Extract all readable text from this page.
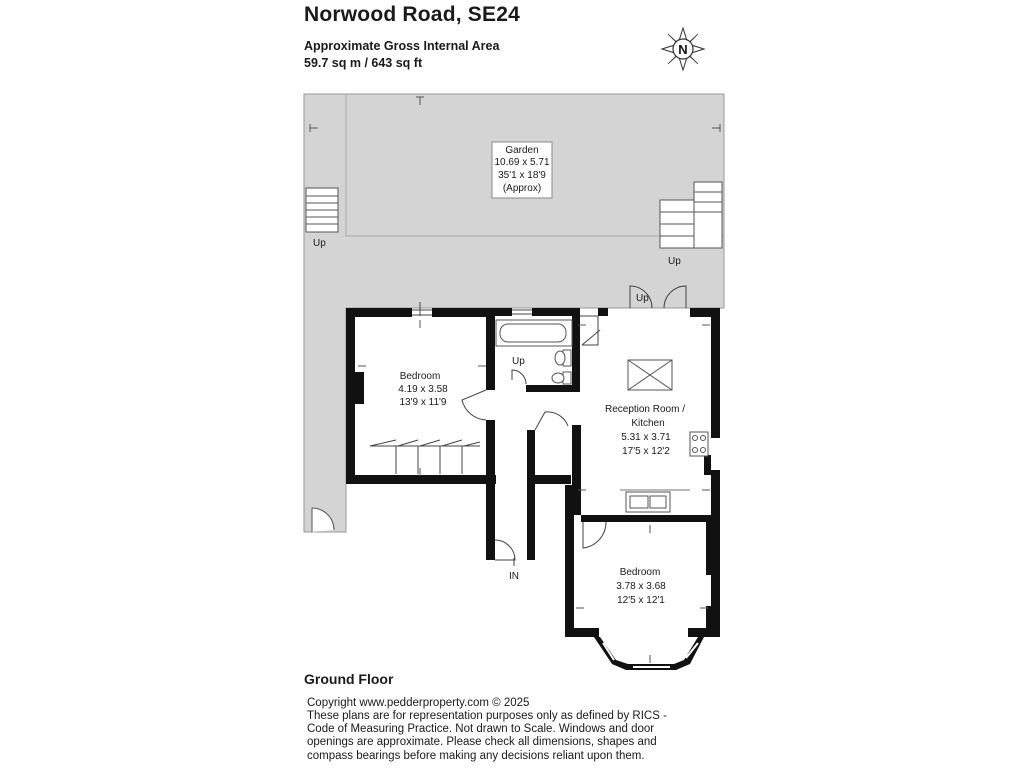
Norwood Road, SE24
Approximate Gross Internal Area
59.7 sq m / 643 sq ft
N
Garden
10.69 x 5.71
35'1 x 18'9
(Approx)
Bedroom
4.19 x 3.58
13'9 x 11'9
Reception Room /
Kitchen
5.31 x 3.71
17'5 x 12'2
Bedroom
3.78 x 3.68
12'5 x 12'1
Up
Up
Up
Up
IN
Ground Floor
Copyright www.pedderproperty.com © 2025
These plans are for representation purposes only as defined by RICS - Code of Measuring Practice. Not drawn to Scale. Windows and door openings are approximate. Please check all dimensions, shapes and compass bearings before making any decisions reliant upon them.
